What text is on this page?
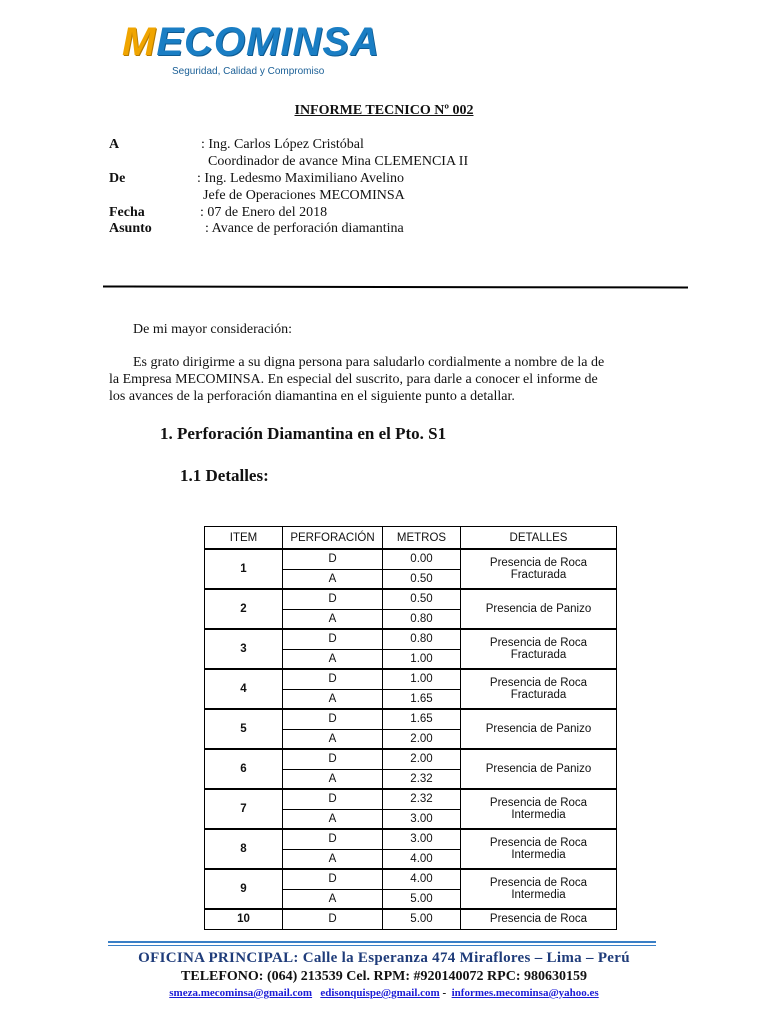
MECOMINSA
Seguridad, Calidad y Compromiso
INFORME TECNICO Nº 002
A	: Ing. Carlos López Cristóbal
Coordinador de avance Mina CLEMENCIA II
De	: Ing. Ledesmo Maximiliano Avelino
Jefe de Operaciones MECOMINSA
Fecha	: 07 de Enero del 2018
Asunto	: Avance de perforación diamantina
De mi mayor consideración:
Es grato dirigirme a su digna persona para saludarlo cordialmente a nombre de la de
la Empresa MECOMINSA. En especial del suscrito, para darle a conocer el informe de
los avances de la perforación diamantina en el siguiente punto a detallar.
1. Perforación Diamantina en el Pto. S1
1.1 Detalles:
ITEM	PERFORACIÓN	METROS	DETALLES
1	D	0.00	Presencia de Roca
Fracturada

	A	0.50	
2	D	0.50	Presencia de Panizo

	A	0.80	
3	D	0.80	Presencia de Roca
Fracturada

	A	1.00	
4	D	1.00	Presencia de Roca
Fracturada

	A	1.65	
5	D	1.65	Presencia de Panizo

	A	2.00	
6	D	2.00	Presencia de Panizo

	A	2.32	
7	D	2.32	Presencia de Roca
Intermedia

	A	3.00	
8	D	3.00	Presencia de Roca
Intermedia

	A	4.00	
9	D	4.00	Presencia de Roca
Intermedia

	A	5.00	
10	D	5.00	Presencia de Roca
OFICINA PRINCIPAL: Calle la Esperanza 474 Miraflores – Lima – Perú
TELEFONO: (064) 213539 Cel. RPM: #920140072 RPC: 980630159
smeza.mecominsa@gmail.com edisonquispe@gmail.com - informes.mecominsa@yahoo.es
